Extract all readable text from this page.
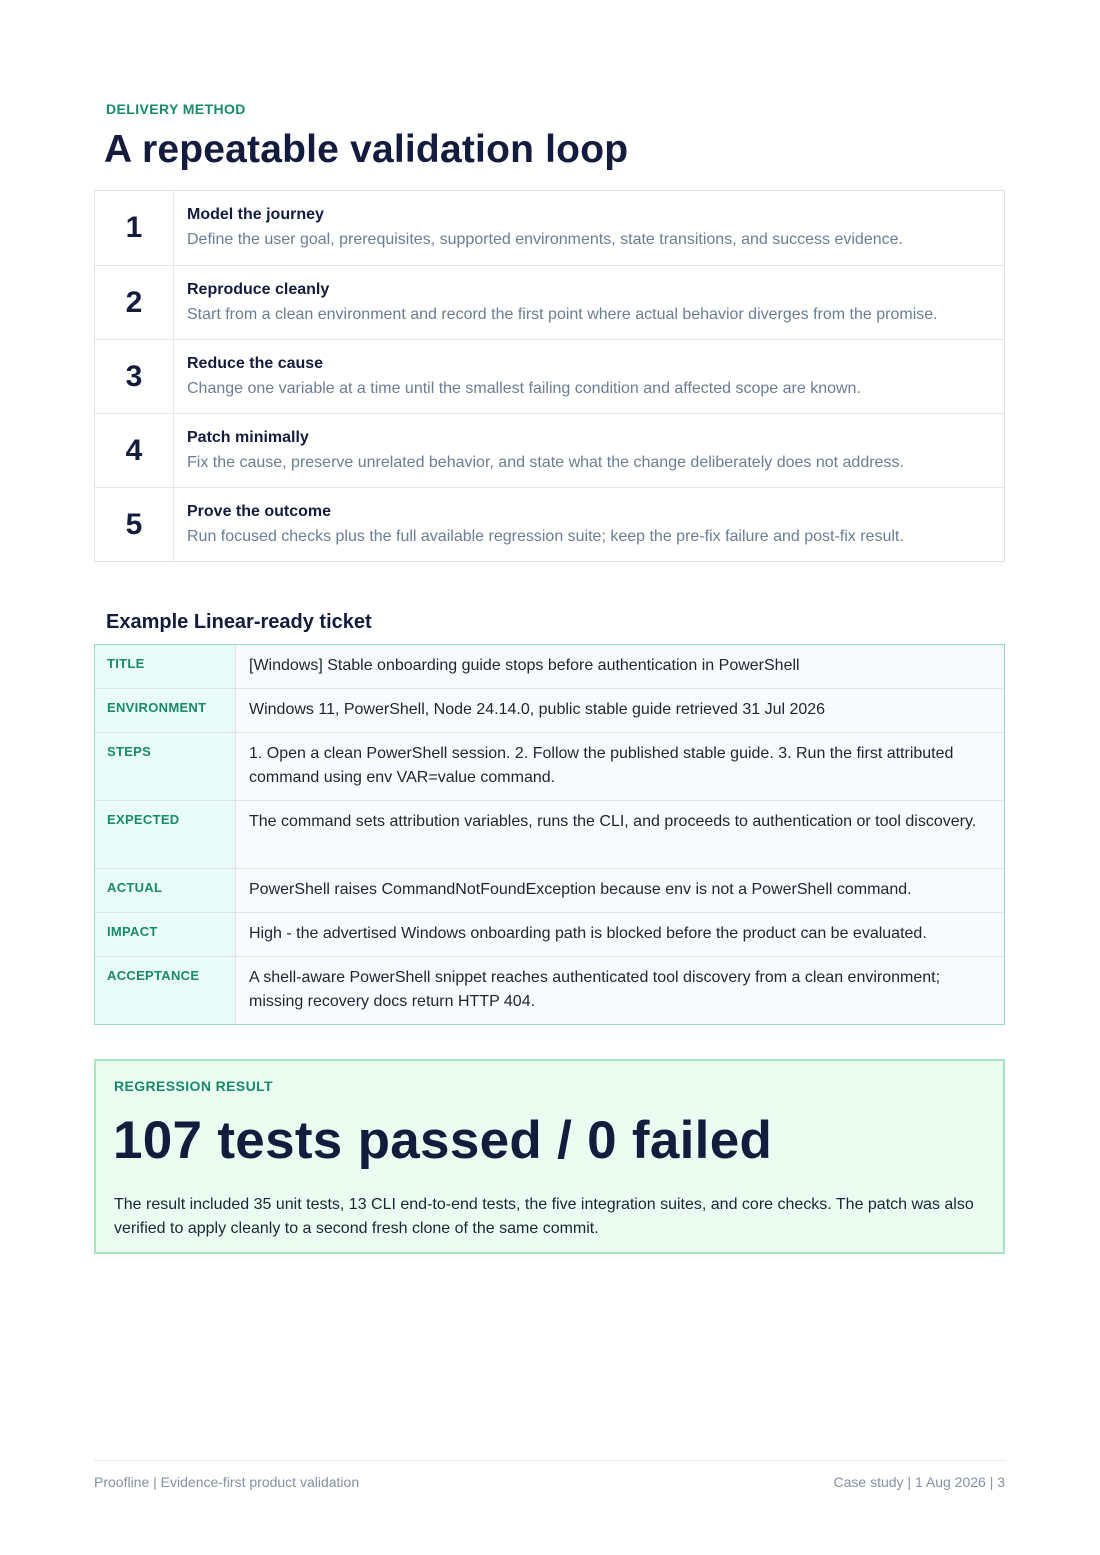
DELIVERY METHOD

A repeatable validation loop
1	Model the journey
Define the user goal, prerequisites, supported environments, state transitions, and success evidence.
2	Reproduce cleanly
Start from a clean environment and record the first point where actual behavior diverges from the promise.
3	Reduce the cause
Change one variable at a time until the smallest failing condition and affected scope are known.
4	Patch minimally
Fix the cause, preserve unrelated behavior, and state what the change deliberately does not address.
5	Prove the outcome
Run focused checks plus the full available regression suite; keep the pre-fix failure and post-fix result.
Example Linear-ready ticket
TITLE	[Windows] Stable onboarding guide stops before authentication in PowerShell
ENVIRONMENT	Windows 11, PowerShell, Node 24.14.0, public stable guide retrieved 31 Jul 2026
STEPS	1. Open a clean PowerShell session. 2. Follow the published stable guide. 3. Run the first attributed command using env VAR=value command.
EXPECTED	The command sets attribution variables, runs the CLI, and proceeds to authentication or tool discovery.
ACTUAL	PowerShell raises CommandNotFoundException because env is not a PowerShell command.
IMPACT	High - the advertised Windows onboarding path is blocked before the product can be evaluated.
ACCEPTANCE	A shell-aware PowerShell snippet reaches authenticated tool discovery from a clean environment; missing recovery docs return HTTP 404.
REGRESSION RESULT
107 tests passed / 0 failed
The result included 35 unit tests, 13 CLI end-to-end tests, the five integration suites, and core checks. The patch was also verified to apply cleanly to a second fresh clone of the same commit.
Proofline | Evidence-first product validation	Case study | 1 Aug 2026 | 3
